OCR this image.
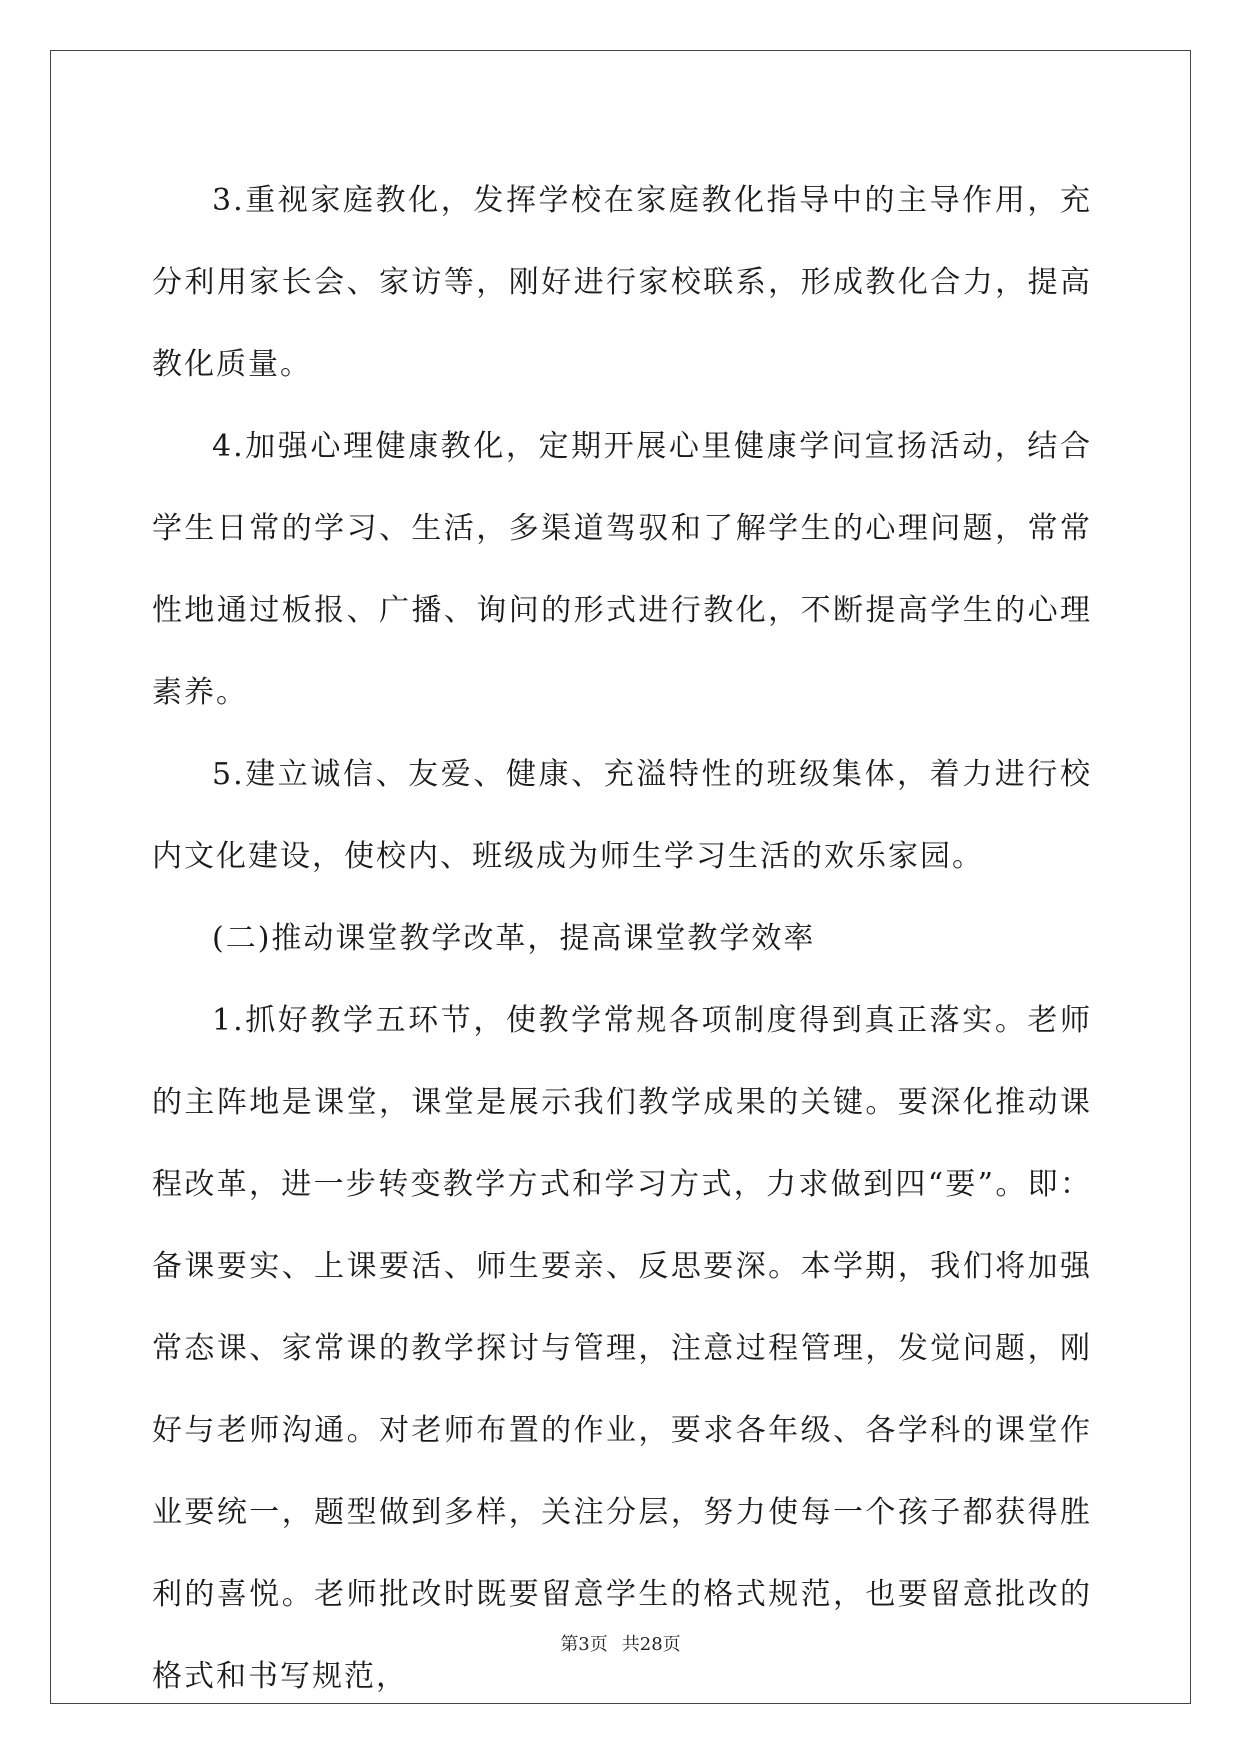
3.重视家庭教化，发挥学校在家庭教化指导中的主导作用，充分利用家长会、家访等，刚好进行家校联系，形成教化合力，提高教化质量。

4.加强心理健康教化，定期开展心里健康学问宣扬活动，结合学生日常的学习、生活，多渠道驾驭和了解学生的心理问题，常常性地通过板报、广播、询问的形式进行教化，不断提高学生的心理素养。

5.建立诚信、友爱、健康、充溢特性的班级集体，着力进行校内文化建设，使校内、班级成为师生学习生活的欢乐家园。

(二)推动课堂教学改革，提高课堂教学效率

1.抓好教学五环节，使教学常规各项制度得到真正落实。老师的主阵地是课堂，课堂是展示我们教学成果的关键。要深化推动课程改革，进一步转变教学方式和学习方式，力求做到四“要”。即：备课要实、上课要活、师生要亲、反思要深。本学期，我们将加强常态课、家常课的教学探讨与管理，注意过程管理，发觉问题，刚好与老师沟通。对老师布置的作业，要求各年级、各学科的课堂作业要统一，题型做到多样，关注分层，努力使每一个孩子都获得胜利的喜悦。老师批改时既要留意学生的格式规范，也要留意批改的格式和书写规范，

第3页 共28页
